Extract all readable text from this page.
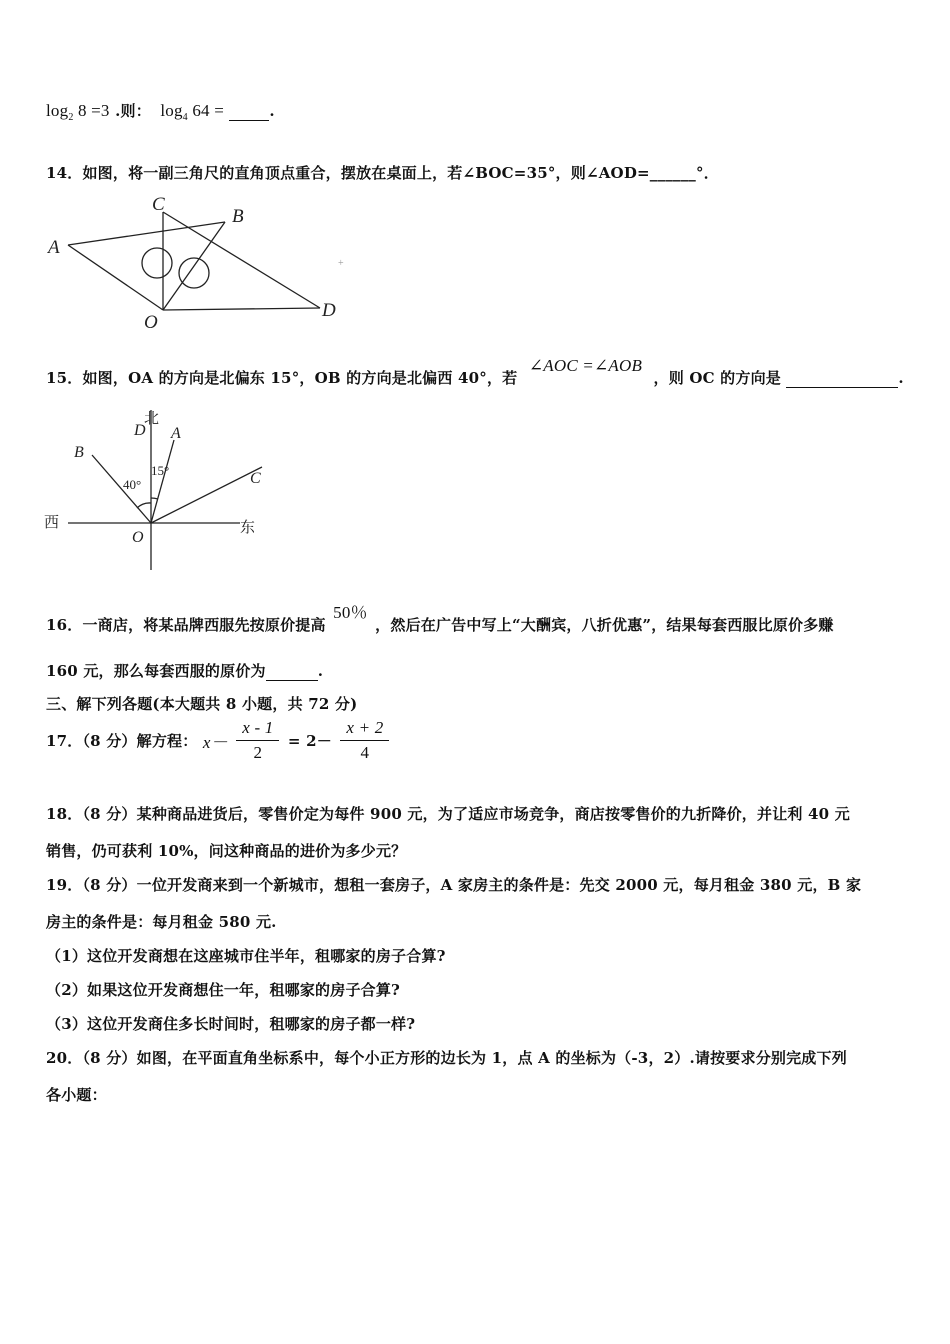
$\log_2 8 =3$ .则： $\log_4 64$ =	.
14．如图，将一副三角尺的直角顶点重合，摆放在桌面上，若∠BOC=35°，则∠AOD=______°．
A
B
C
D
O
+
15．如图，OA 的方向是北偏东 15°，OB 的方向是北偏西 40°，若 ∠AOC =∠AOB ，则 OC 的方向是	.
北
西	东
40°
15°
D A
B
C
O
16．一商店，将某品牌西服先按原价提高 50％ ，然后在广告中写上“大酬宾，八折优惠”，结果每套西服比原价多赚
160 元，那么每套西服的原价为	.
三、解下列各题(本大题共 8 小题，共 72 分)
17．（8 分）解方程： $x- \frac{x - 1}{2} = 2- \frac{x + 2}{4}$
18．（8 分）某种商品进货后，零售价定为每件 900 元，为了适应市场竞争，商店按零售价的九折降价，并让利 40 元
销售，仍可获利 10%，问这种商品的进价为多少元？
19．（8 分）一位开发商来到一个新城市，想租一套房子，A 家房主的条件是：先交 2000 元，每月租金 380 元，B 家
房主的条件是：每月租金 580 元.
（1）这位开发商想在这座城市住半年，租哪家的房子合算?
（2）如果这位开发商想住一年，租哪家的房子合算?
（3）这位开发商住多长时间时，租哪家的房子都一样?
20．（8 分）如图，在平面直角坐标系中，每个小正方形的边长为 1，点 A 的坐标为（-3，2）.请按要求分别完成下列
各小题：
